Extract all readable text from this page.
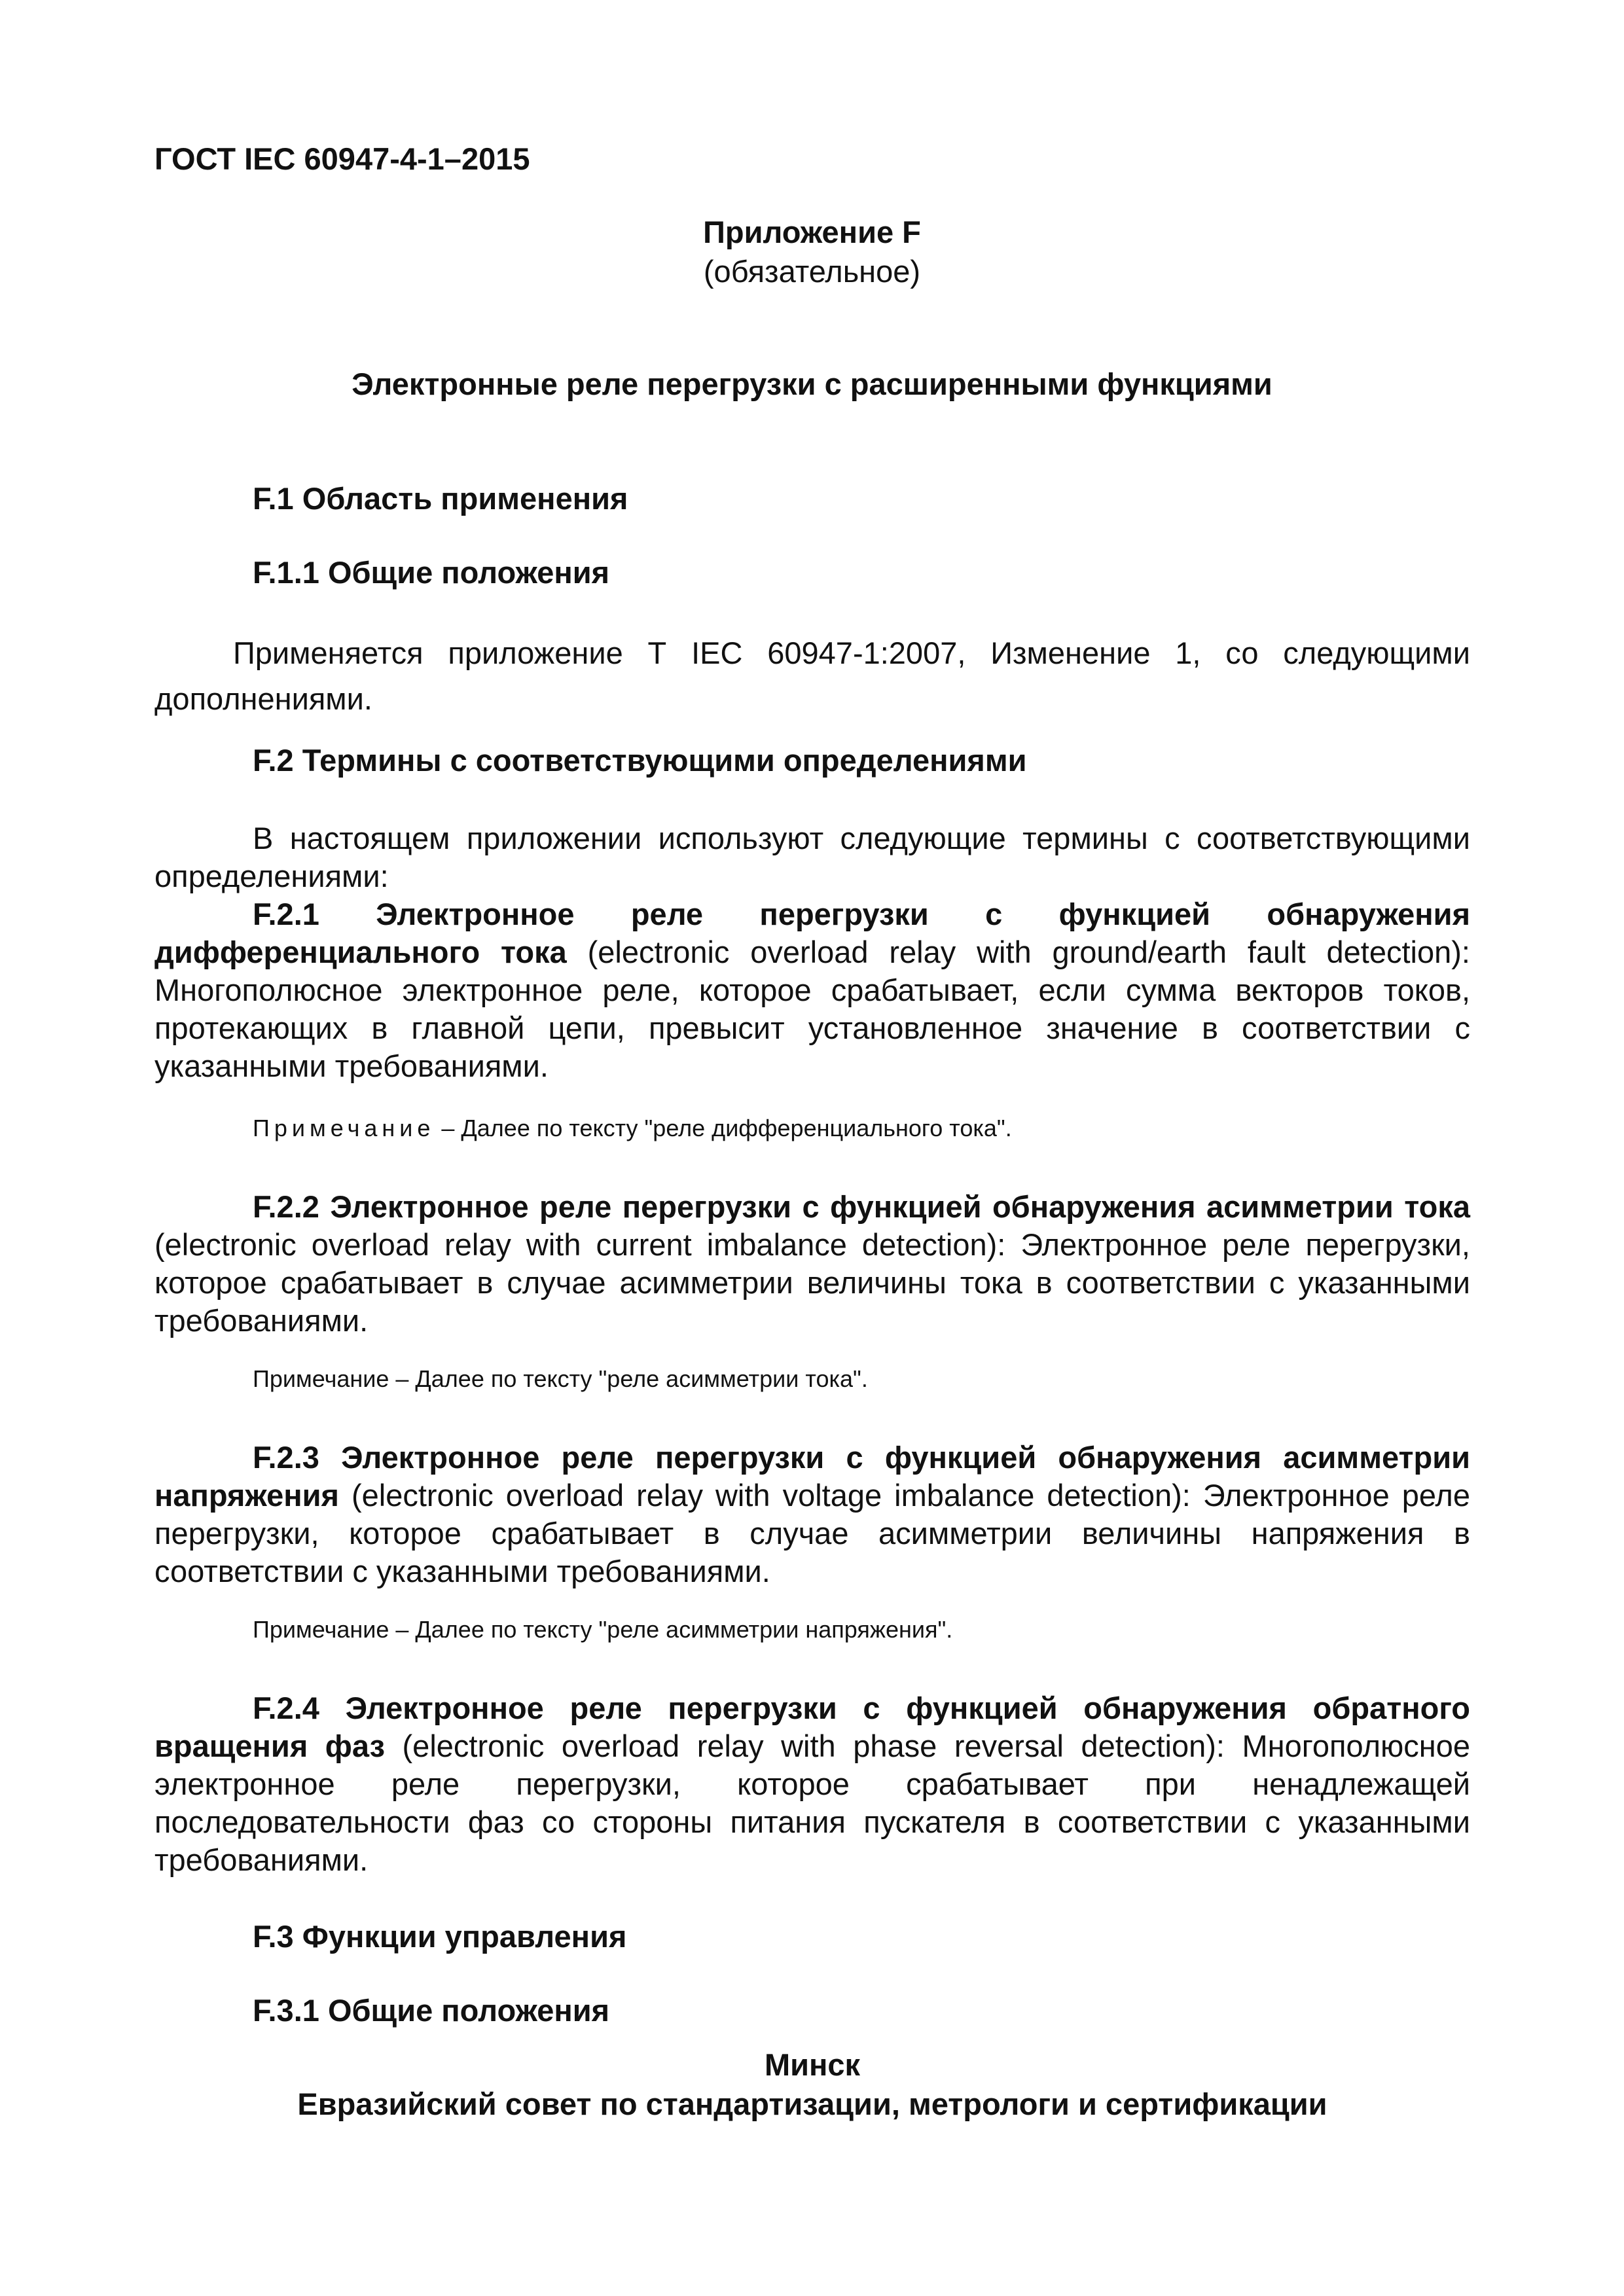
ГОСТ IEC 60947-4-1–2015
Приложение F
(обязательное)
Электронные реле перегрузки с расширенными функциями
F.1 Область применения
F.1.1 Общие положения
Применяется приложение Т IEC 60947-1:2007, Изменение 1, со следующими дополнениями.
F.2 Термины с соответствующими определениями
В настоящем приложении используют следующие термины с соответствующими определениями:
F.2.1 Электронное реле перегрузки с функцией обнаружения дифференциального тока (electronic overload relay with ground/earth fault detection): Многополюсное электронное реле, которое срабатывает, если сумма векторов токов, протекающих в главной цепи, превысит установленное значение в соответствии с указанными требованиями.
Примечание – Далее по тексту "реле дифференциального тока".
F.2.2 Электронное реле перегрузки с функцией обнаружения асимметрии тока (electronic overload relay with current imbalance detection): Электронное реле перегрузки, которое срабатывает в случае асимметрии величины тока в соответствии с указанными требованиями.
Примечание – Далее по тексту "реле асимметрии тока".
F.2.3 Электронное реле перегрузки с функцией обнаружения асимметрии напряжения (electronic overload relay with voltage imbalance detection): Электронное реле перегрузки, которое срабатывает в случае асимметрии величины напряжения в соответствии с указанными требованиями.
Примечание – Далее по тексту "реле асимметрии напряжения".
F.2.4 Электронное реле перегрузки с функцией обнаружения обратного вращения фаз (electronic overload relay with phase reversal detection): Многополюсное электронное реле перегрузки, которое срабатывает при ненадлежащей последовательности фаз со стороны питания пускателя в соответствии с указанными требованиями.
F.3 Функции управления
F.3.1 Общие положения
Минск
Евразийский совет по стандартизации, метрологи и сертификации
